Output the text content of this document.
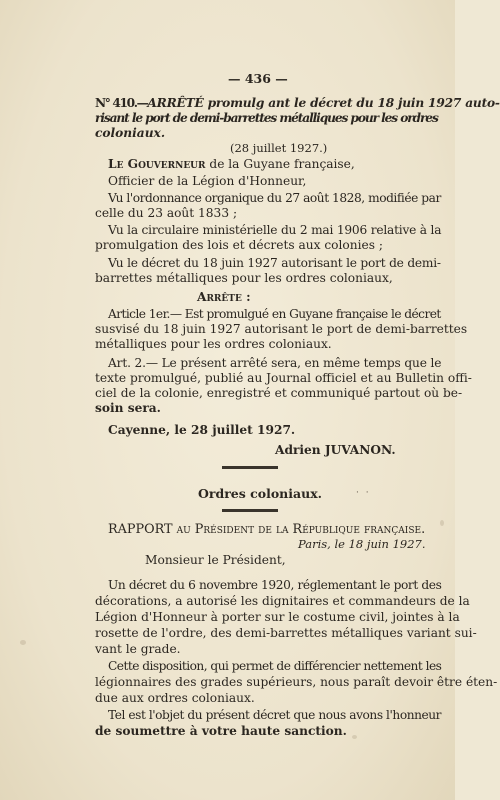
— 436 —
N° 410.—ARRÊTÉ promulg ant le décret du 18 juin 1927 auto-
risant le port de demi-barrettes métalliques pour les ordres
coloniaux.
(28 juillet 1927.)
Le Gouverneur de la Guyane française,
Officier de la Légion d'Honneur,
Vu l'ordonnance organique du 27 août 1828, modifiée par
celle du 23 août 1833 ;
Vu la circulaire ministérielle du 2 mai 1906 relative à la
promulgation des lois et décrets aux colonies ;
Vu le décret du 18 juin 1927 autorisant le port de demi-
barrettes métalliques pour les ordres coloniaux,
Arrête :
Article 1er.— Est promulgué en Guyane française le décret
susvisé du 18 juin 1927 autorisant le port de demi-barrettes
métalliques pour les ordres coloniaux.
Art. 2.— Le présent arrêté sera, en même temps que le
texte promulgué, publié au Journal officiel et au Bulletin offi-
ciel de la colonie, enregistré et communiqué partout où be-
soin sera.
Cayenne, le 28 juillet 1927.
Adrien JUVANON.
Ordres coloniaux.	· ·
RAPPORT au Président de la République française.
Paris, le 18 juin 1927.
Monsieur le Président,
Un décret du 6 novembre 1920, réglementant le port des
décorations, a autorisé les dignitaires et commandeurs de la
Légion d'Honneur à porter sur le costume civil, jointes à la
rosette de l'ordre, des demi-barrettes métalliques variant sui-
vant le grade.
Cette disposition, qui permet de différencier nettement les
légionnaires des grades supérieurs, nous paraît devoir être éten-
due aux ordres coloniaux.
Tel est l'objet du présent décret que nous avons l'honneur
de soumettre à votre haute sanction.
